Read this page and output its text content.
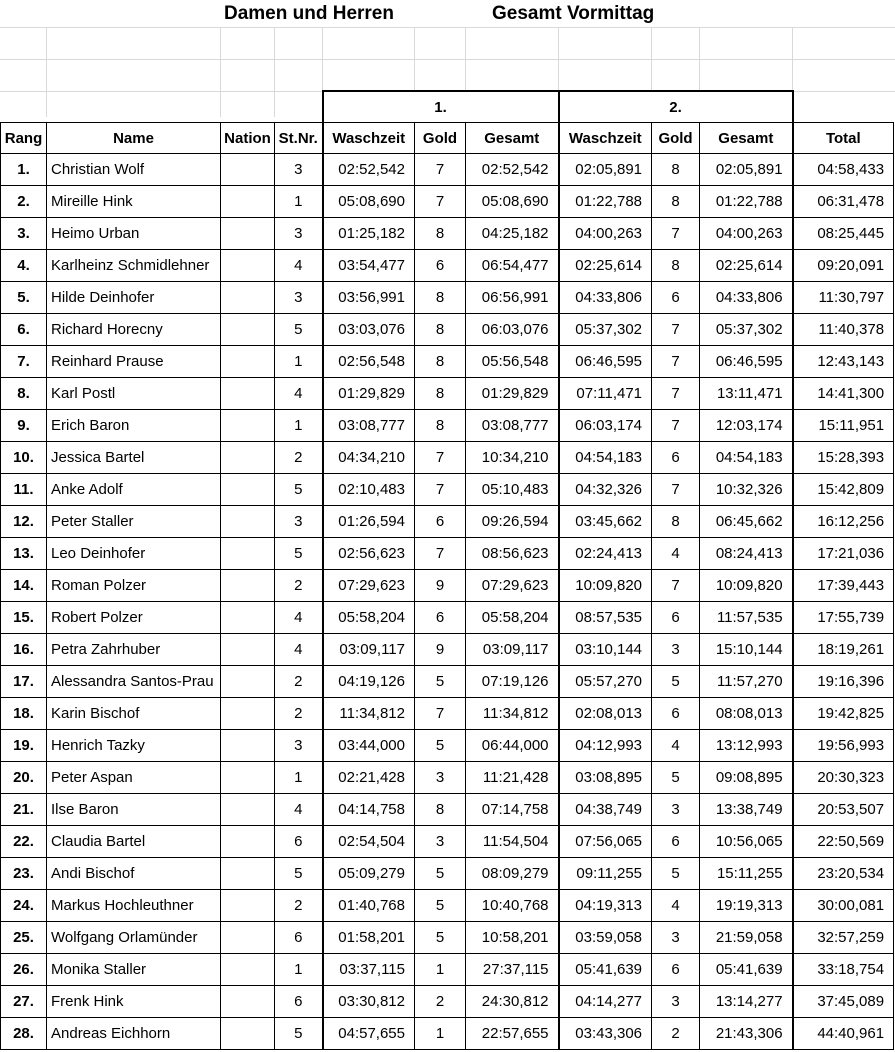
Damen und Herren	Gesamt Vormittag
				1.			2.			
Rang	Name	Nation	St.Nr.	Waschzeit	Gold	Gesamt	Waschzeit	Gold	Gesamt	Total
1.	Christian Wolf		3	02:52,542	7	02:52,542	02:05,891	8	02:05,891	04:58,433
2.	Mireille Hink		1	05:08,690	7	05:08,690	01:22,788	8	01:22,788	06:31,478
3.	Heimo Urban		3	01:25,182	8	04:25,182	04:00,263	7	04:00,263	08:25,445
4.	Karlheinz Schmidlehner		4	03:54,477	6	06:54,477	02:25,614	8	02:25,614	09:20,091
5.	Hilde Deinhofer		3	03:56,991	8	06:56,991	04:33,806	6	04:33,806	11:30,797
6.	Richard Horecny		5	03:03,076	8	06:03,076	05:37,302	7	05:37,302	11:40,378
7.	Reinhard Prause		1	02:56,548	8	05:56,548	06:46,595	7	06:46,595	12:43,143
8.	Karl Postl		4	01:29,829	8	01:29,829	07:11,471	7	13:11,471	14:41,300
9.	Erich Baron		1	03:08,777	8	03:08,777	06:03,174	7	12:03,174	15:11,951
10.	Jessica Bartel		2	04:34,210	7	10:34,210	04:54,183	6	04:54,183	15:28,393
11.	Anke Adolf		5	02:10,483	7	05:10,483	04:32,326	7	10:32,326	15:42,809
12.	Peter Staller		3	01:26,594	6	09:26,594	03:45,662	8	06:45,662	16:12,256
13.	Leo Deinhofer		5	02:56,623	7	08:56,623	02:24,413	4	08:24,413	17:21,036
14.	Roman Polzer		2	07:29,623	9	07:29,623	10:09,820	7	10:09,820	17:39,443
15.	Robert Polzer		4	05:58,204	6	05:58,204	08:57,535	6	11:57,535	17:55,739
16.	Petra Zahrhuber		4	03:09,117	9	03:09,117	03:10,144	3	15:10,144	18:19,261
17.	Alessandra Santos-Prau		2	04:19,126	5	07:19,126	05:57,270	5	11:57,270	19:16,396
18.	Karin Bischof		2	11:34,812	7	11:34,812	02:08,013	6	08:08,013	19:42,825
19.	Henrich Tazky		3	03:44,000	5	06:44,000	04:12,993	4	13:12,993	19:56,993
20.	Peter Aspan		1	02:21,428	3	11:21,428	03:08,895	5	09:08,895	20:30,323
21.	Ilse Baron		4	04:14,758	8	07:14,758	04:38,749	3	13:38,749	20:53,507
22.	Claudia Bartel		6	02:54,504	3	11:54,504	07:56,065	6	10:56,065	22:50,569
23.	Andi Bischof		5	05:09,279	5	08:09,279	09:11,255	5	15:11,255	23:20,534
24.	Markus Hochleuthner		2	01:40,768	5	10:40,768	04:19,313	4	19:19,313	30:00,081
25.	Wolfgang Orlamünder		6	01:58,201	5	10:58,201	03:59,058	3	21:59,058	32:57,259
26.	Monika Staller		1	03:37,115	1	27:37,115	05:41,639	6	05:41,639	33:18,754
27.	Frenk Hink		6	03:30,812	2	24:30,812	04:14,277	3	13:14,277	37:45,089
28.	Andreas Eichhorn		5	04:57,655	1	22:57,655	03:43,306	2	21:43,306	44:40,961
